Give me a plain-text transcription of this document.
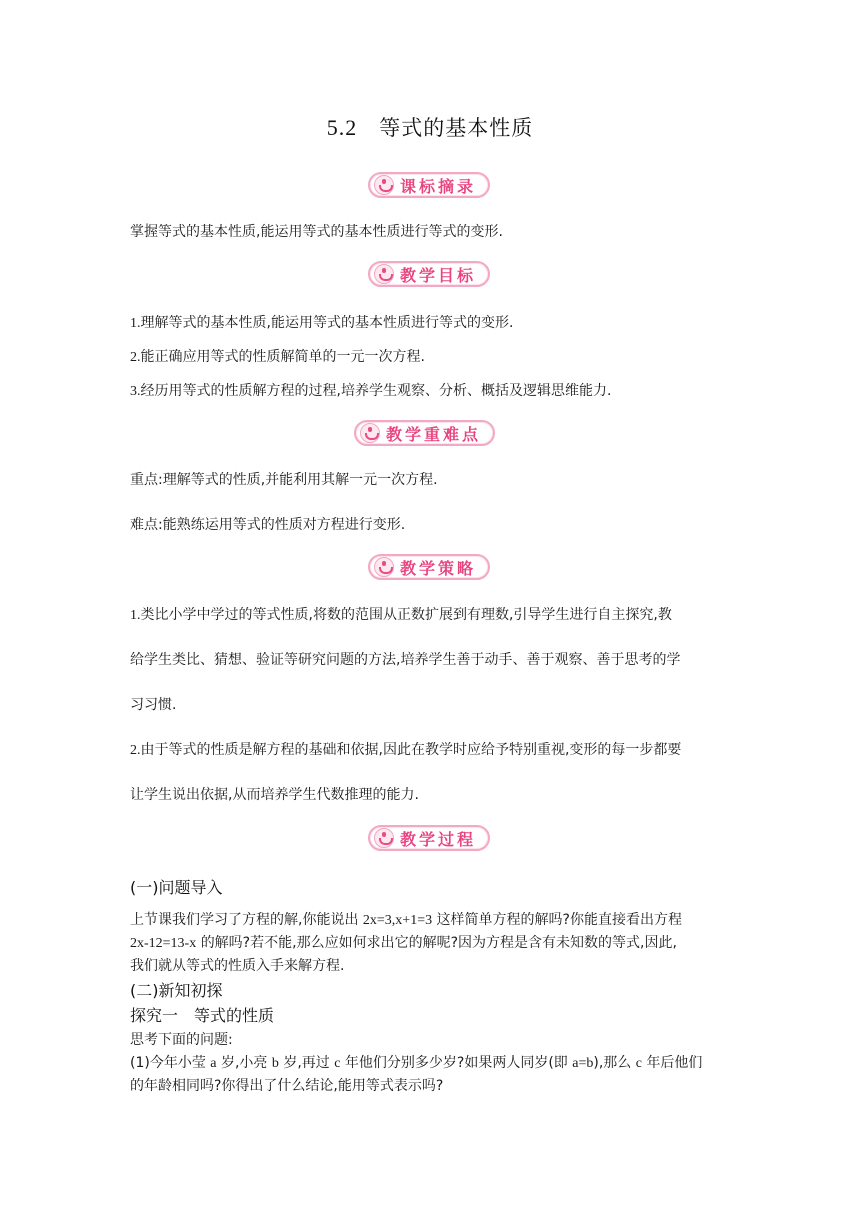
5.2 等式的基本性质
课标摘录
掌握等式的基本性质,能运用等式的基本性质进行等式的变形.
教学目标
1.理解等式的基本性质,能运用等式的基本性质进行等式的变形.
2.能正确应用等式的性质解简单的一元一次方程.
3.经历用等式的性质解方程的过程,培养学生观察、分析、概括及逻辑思维能力.
教学重难点
重点:理解等式的性质,并能利用其解一元一次方程.
难点:能熟练运用等式的性质对方程进行变形.
教学策略
1.类比小学中学过的等式性质,将数的范围从正数扩展到有理数,引导学生进行自主探究,教
给学生类比、猜想、验证等研究问题的方法,培养学生善于动手、善于观察、善于思考的学
习习惯.
2.由于等式的性质是解方程的基础和依据,因此在教学时应给予特别重视,变形的每一步都要
让学生说出依据,从而培养学生代数推理的能力.
教学过程
(一)问题导入
上节课我们学习了方程的解,你能说出 2x=3,x+1=3 这样简单方程的解吗?你能直接看出方程
2x-12=13-x 的解吗?若不能,那么应如何求出它的解呢?因为方程是含有未知数的等式,因此,
我们就从等式的性质入手来解方程.
(二)新知初探
探究一　等式的性质
思考下面的问题:
(1)今年小莹 a 岁,小亮 b 岁,再过 c 年他们分别多少岁?如果两人同岁(即 a=b),那么 c 年后他们
的年龄相同吗?你得出了什么结论,能用等式表示吗?
